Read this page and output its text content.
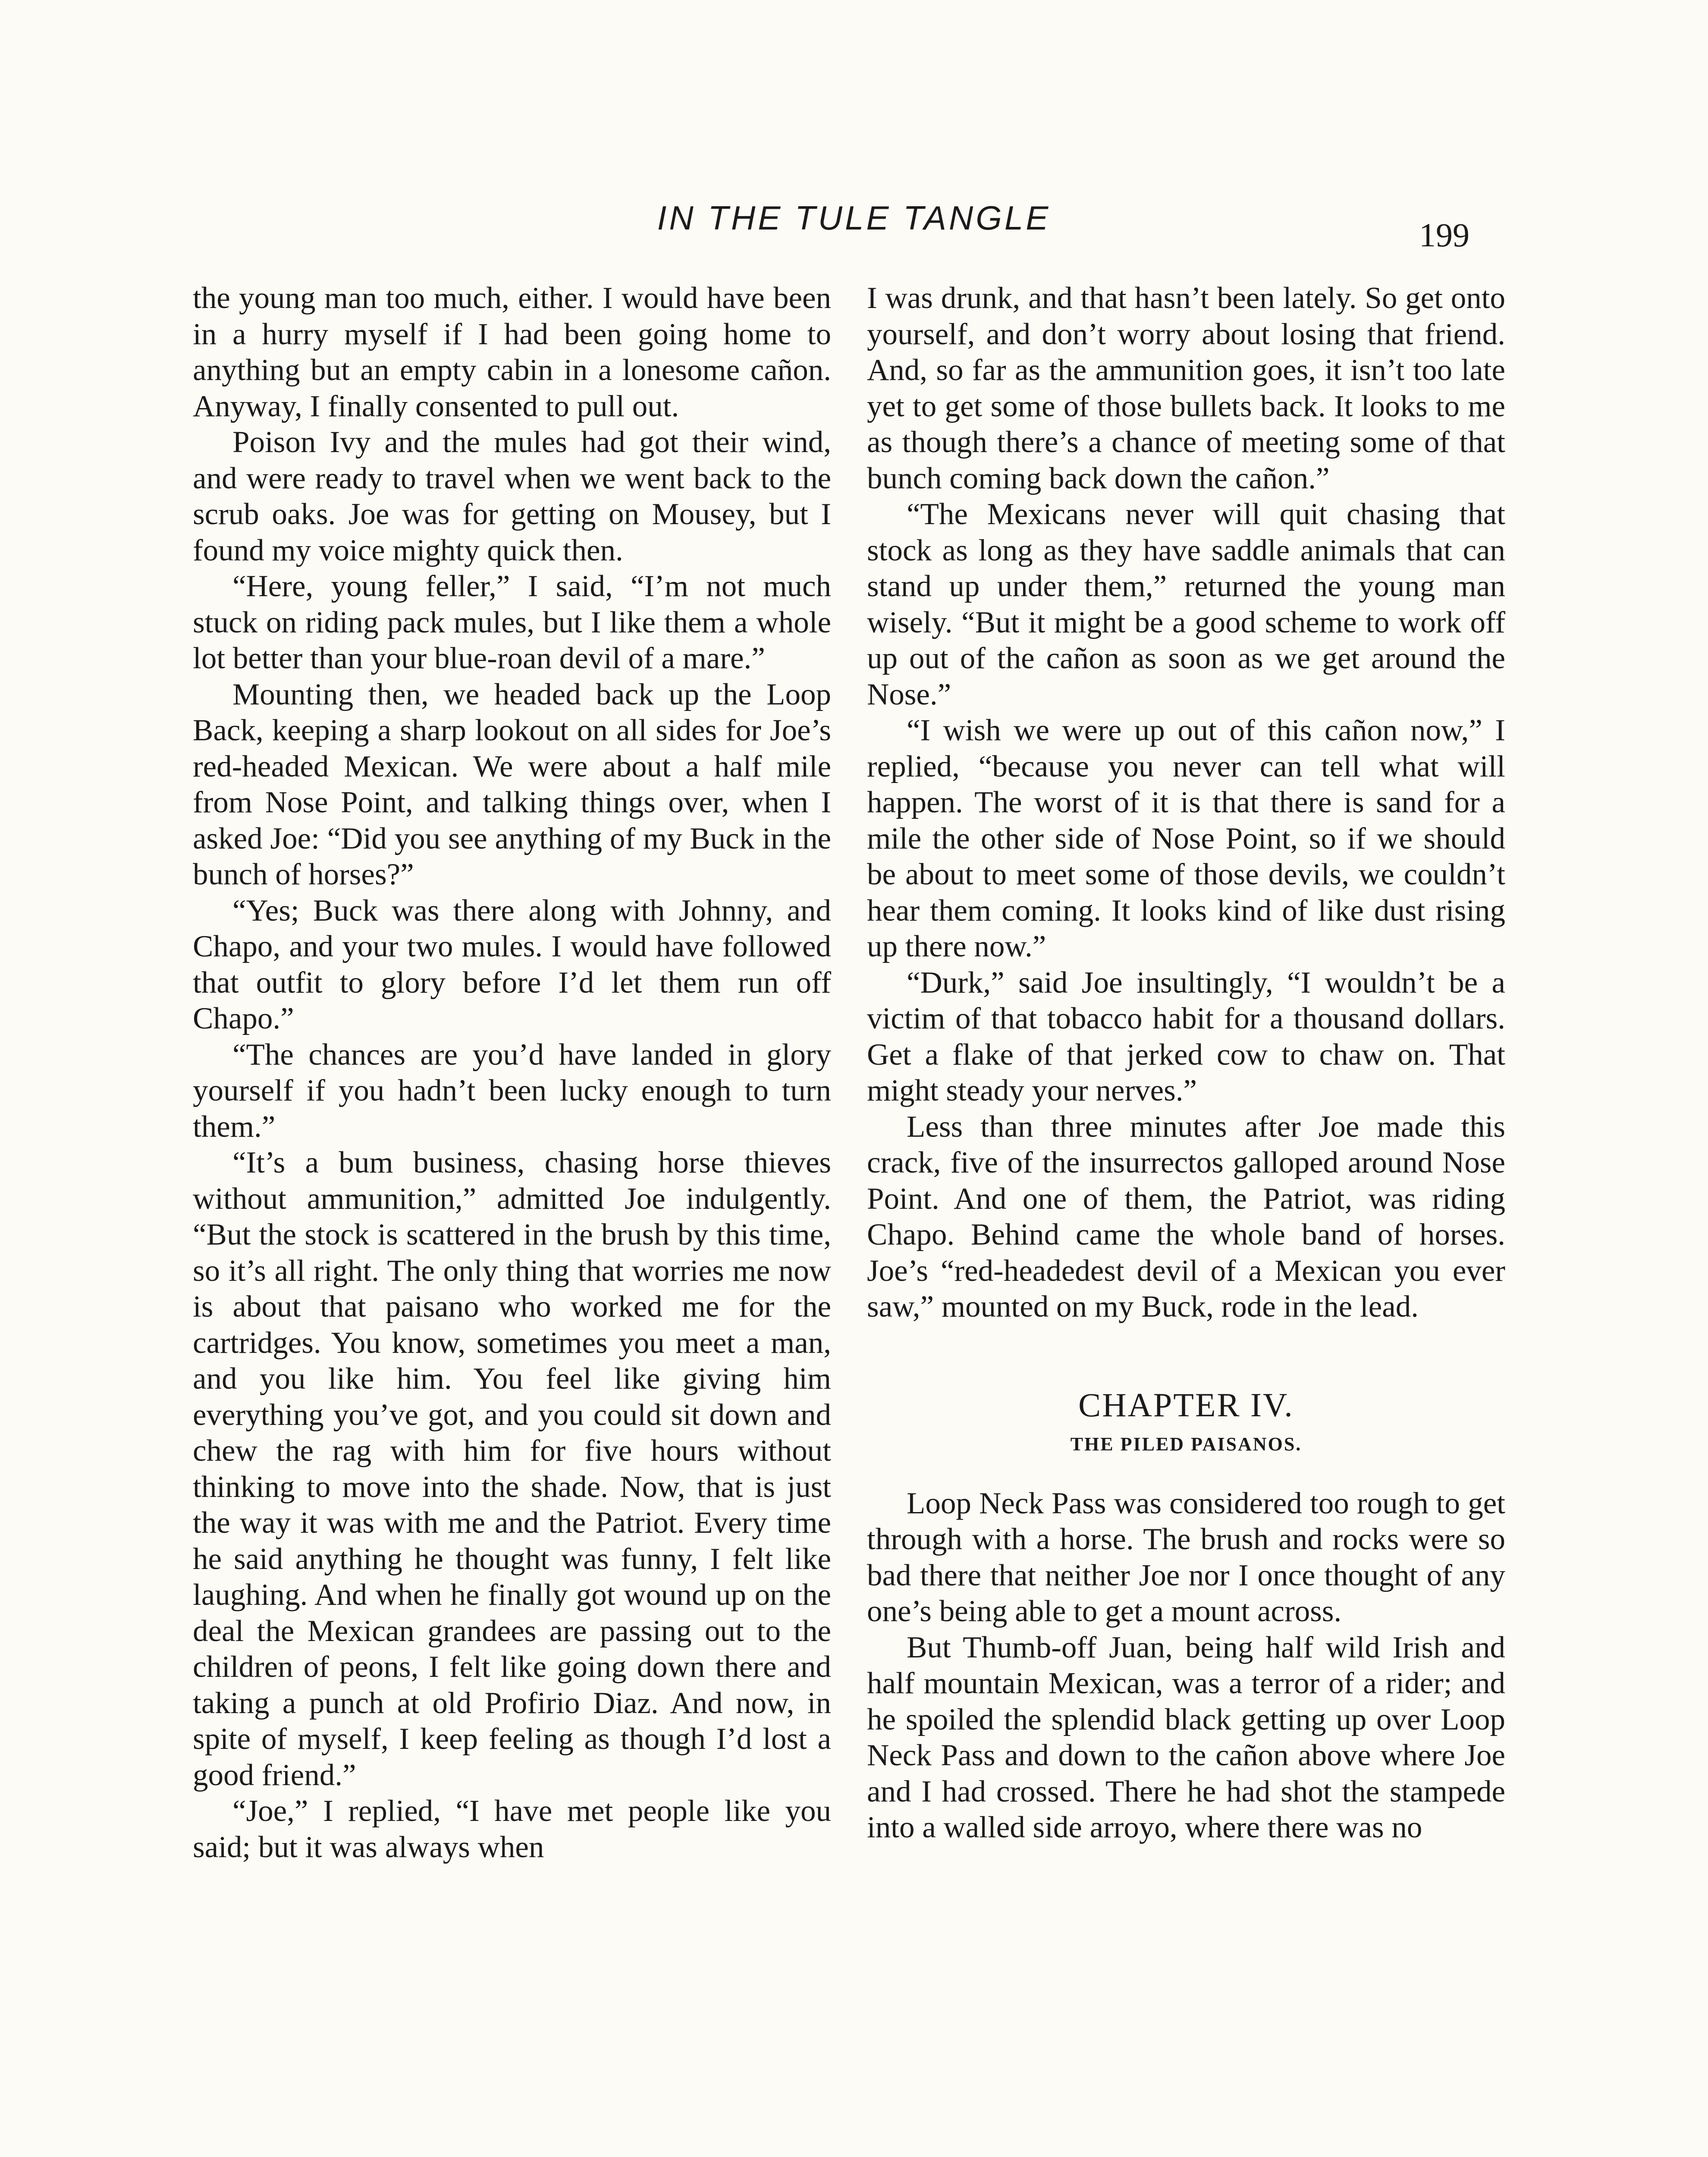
IN THE TULE TANGLE	199

the young man too much, either. I would have been in a hurry myself if I had been going home to anything but an empty cabin in a lonesome cañon. Anyway, I finally consented to pull out.

Poison Ivy and the mules had got their wind, and were ready to travel when we went back to the scrub oaks. Joe was for getting on Mousey, but I found my voice mighty quick then.

“Here, young feller,” I said, “I’m not much stuck on riding pack mules, but I like them a whole lot better than your blue-roan devil of a mare.”

Mounting then, we headed back up the Loop Back, keeping a sharp lookout on all sides for Joe’s red-headed Mexican. We were about a half mile from Nose Point, and talking things over, when I asked Joe: “Did you see anything of my Buck in the bunch of horses?”

“Yes; Buck was there along with Johnny, and Chapo, and your two mules. I would have followed that outfit to glory before I’d let them run off Chapo.”

“The chances are you’d have landed in glory yourself if you hadn’t been lucky enough to turn them.”

“It’s a bum business, chasing horse thieves without ammunition,” admitted Joe indulgently. “But the stock is scattered in the brush by this time, so it’s all right. The only thing that worries me now is about that paisano who worked me for the cartridges. You know, sometimes you meet a man, and you like him. You feel like giving him everything you’ve got, and you could sit down and chew the rag with him for five hours without thinking to move into the shade. Now, that is just the way it was with me and the Patriot. Every time he said anything he thought was funny, I felt like laughing. And when he finally got wound up on the deal the Mexican grandees are passing out to the children of peons, I felt like going down there and taking a punch at old Profirio Diaz. And now, in spite of myself, I keep feeling as though I’d lost a good friend.”

“Joe,” I replied, “I have met people like you said; but it was always when

I was drunk, and that hasn’t been lately. So get onto yourself, and don’t worry about losing that friend. And, so far as the ammunition goes, it isn’t too late yet to get some of those bullets back. It looks to me as though there’s a chance of meeting some of that bunch coming back down the cañon.”

“The Mexicans never will quit chasing that stock as long as they have saddle animals that can stand up under them,” returned the young man wisely. “But it might be a good scheme to work off up out of the cañon as soon as we get around the Nose.”

“I wish we were up out of this cañon now,” I replied, “because you never can tell what will happen. The worst of it is that there is sand for a mile the other side of Nose Point, so if we should be about to meet some of those devils, we couldn’t hear them coming. It looks kind of like dust rising up there now.”

“Durk,” said Joe insultingly, “I wouldn’t be a victim of that tobacco habit for a thousand dollars. Get a flake of that jerked cow to chaw on. That might steady your nerves.”

Less than three minutes after Joe made this crack, five of the insurrectos galloped around Nose Point. And one of them, the Patriot, was riding Chapo. Behind came the whole band of horses. Joe’s “red-headedest devil of a Mexican you ever saw,” mounted on my Buck, rode in the lead.

CHAPTER IV.
THE PILED PAISANOS.

Loop Neck Pass was considered too rough to get through with a horse. The brush and rocks were so bad there that neither Joe nor I once thought of any one’s being able to get a mount across.

But Thumb-off Juan, being half wild Irish and half mountain Mexican, was a terror of a rider; and he spoiled the splendid black getting up over Loop Neck Pass and down to the cañon above where Joe and I had crossed. There he had shot the stampede into a walled side arroyo, where there was no
